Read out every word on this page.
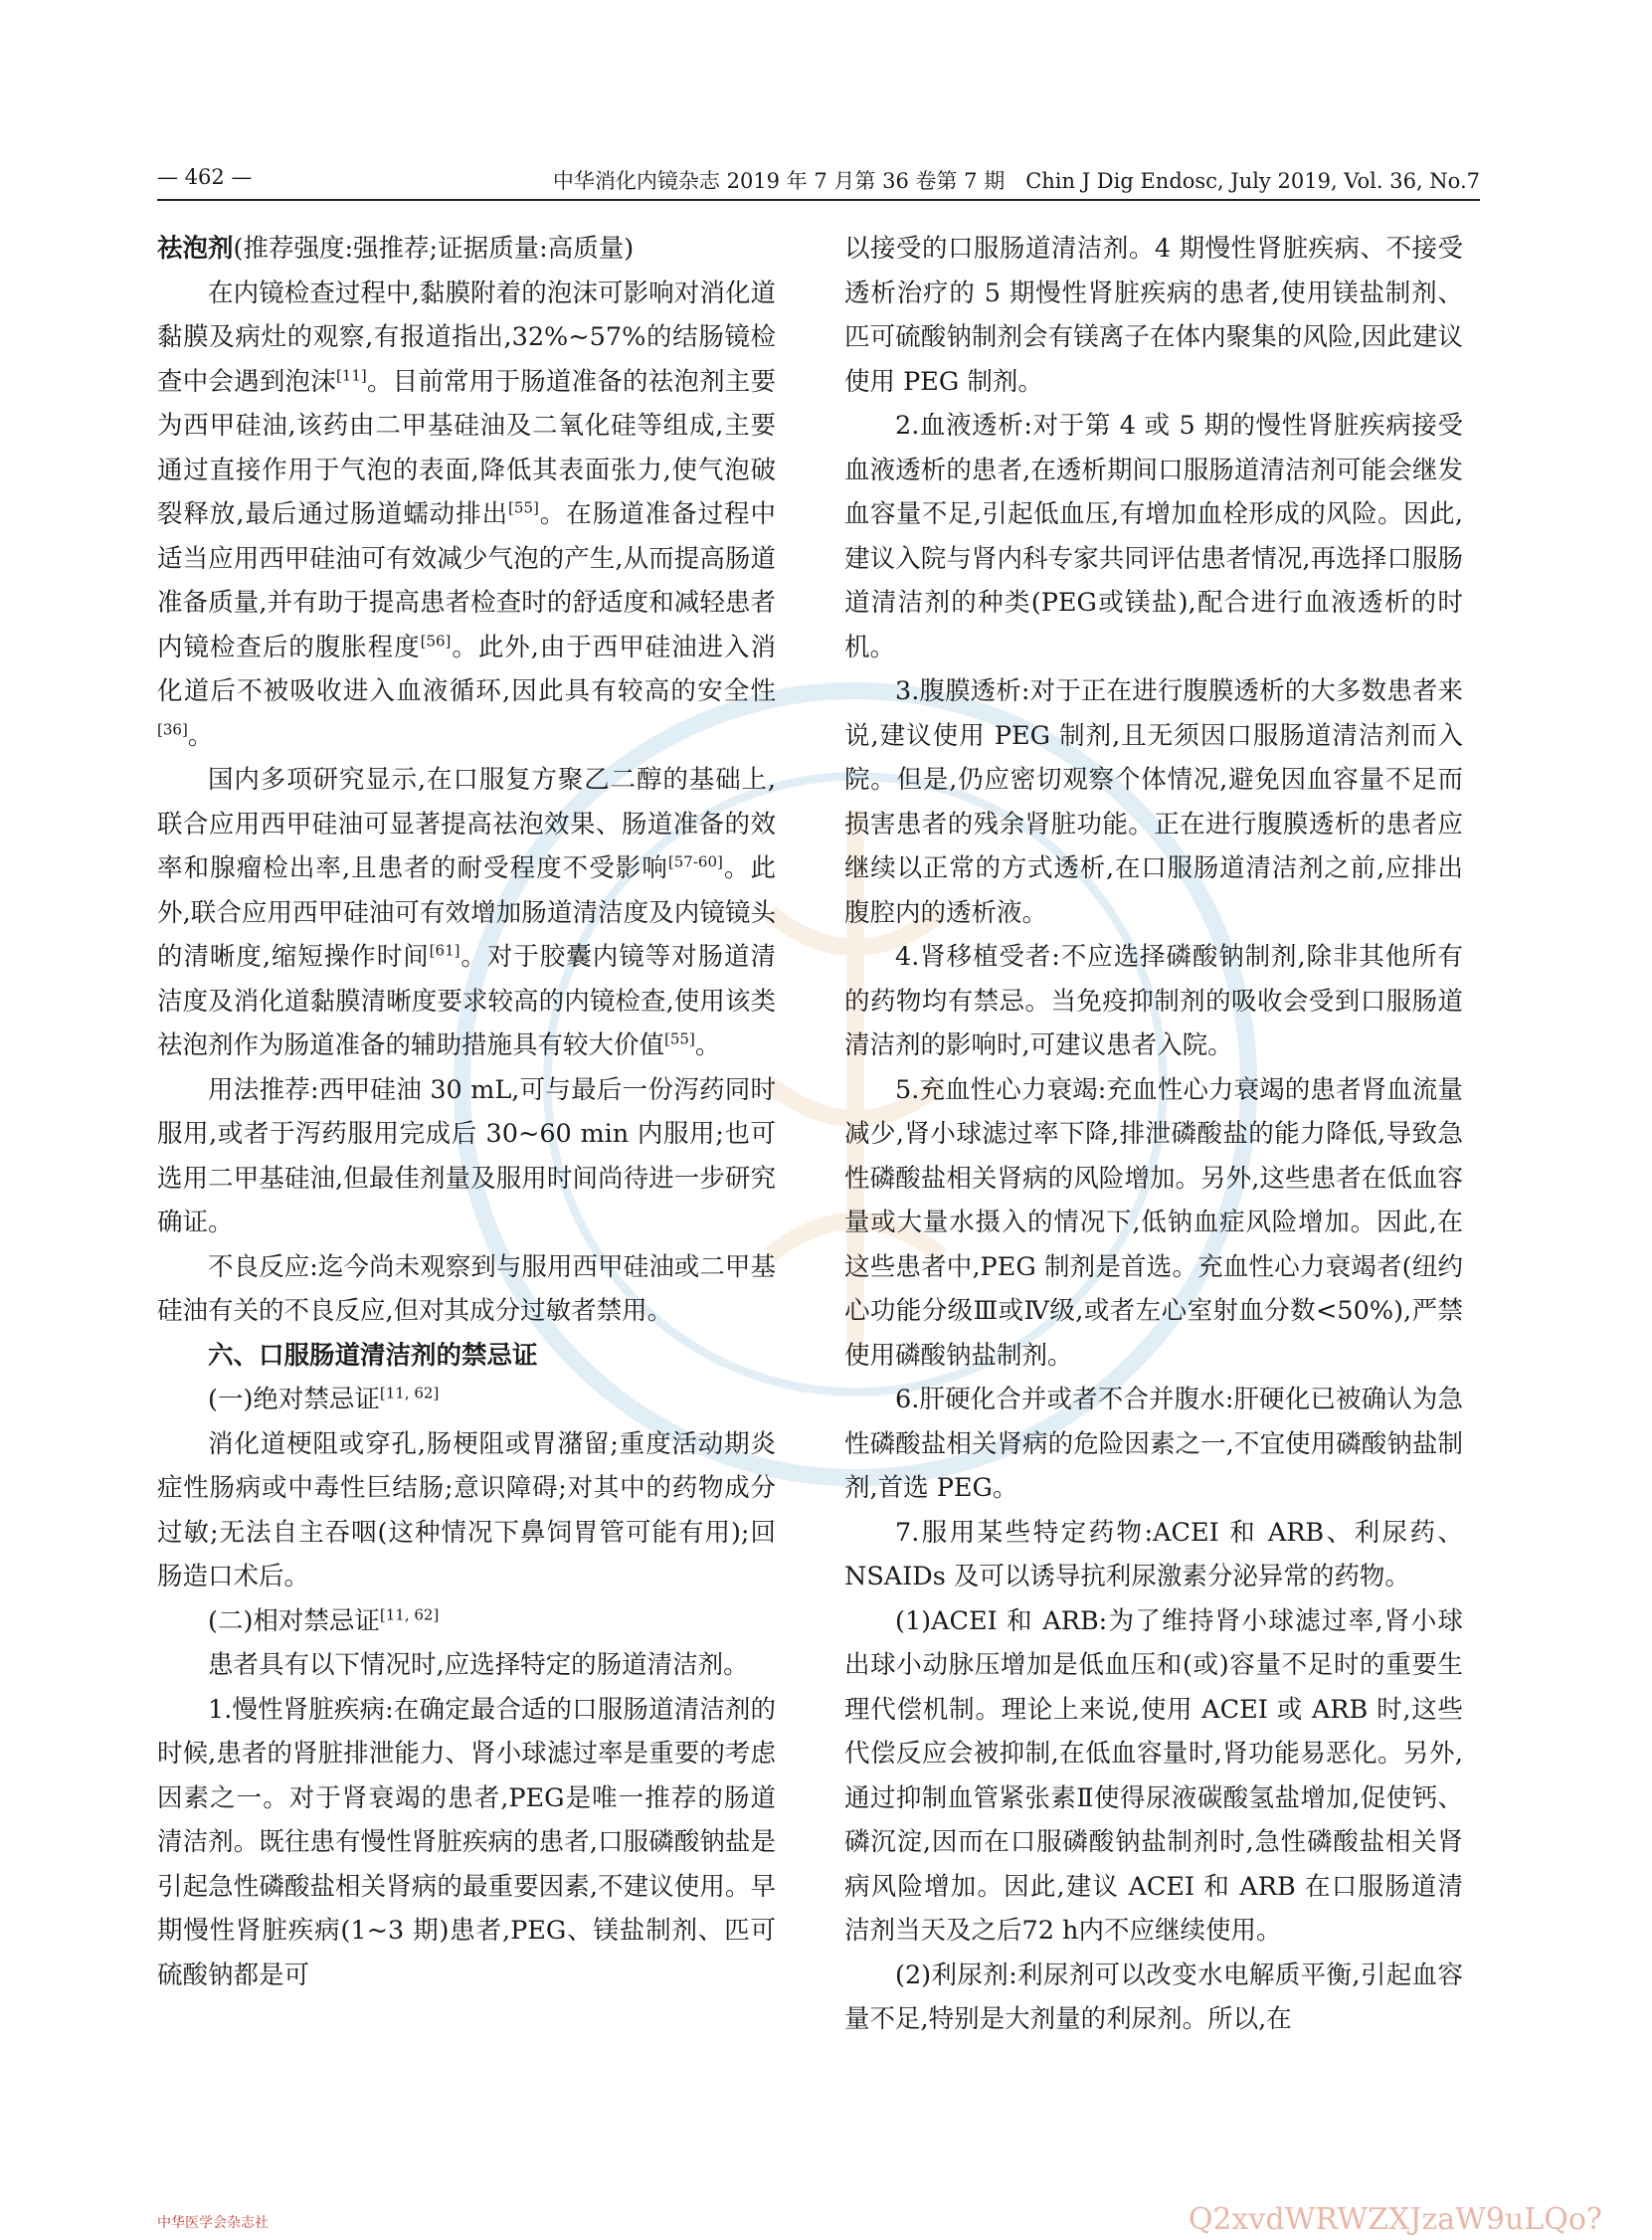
— 462 —	中华消化内镜杂志 2019 年 7 月第 36 卷第 7 期　Chin J Dig Endosc, July 2019, Vol. 36, No.7

祛泡剂(推荐强度:强推荐;证据质量:高质量)

在内镜检查过程中,黏膜附着的泡沫可影响对消化道黏膜及病灶的观察,有报道指出,32%~57%的结肠镜检查中会遇到泡沫[11]。目前常用于肠道准备的祛泡剂主要为西甲硅油,该药由二甲基硅油及二氧化硅等组成,主要通过直接作用于气泡的表面,降低其表面张力,使气泡破裂释放,最后通过肠道蠕动排出[55]。在肠道准备过程中适当应用西甲硅油可有效减少气泡的产生,从而提高肠道准备质量,并有助于提高患者检查时的舒适度和减轻患者内镜检查后的腹胀程度[56]。此外,由于西甲硅油进入消化道后不被吸收进入血液循环,因此具有较高的安全性[36]。

国内多项研究显示,在口服复方聚乙二醇的基础上,联合应用西甲硅油可显著提高祛泡效果、肠道准备的效率和腺瘤检出率,且患者的耐受程度不受影响[57-60]。此外,联合应用西甲硅油可有效增加肠道清洁度及内镜镜头的清晰度,缩短操作时间[61]。对于胶囊内镜等对肠道清洁度及消化道黏膜清晰度要求较高的内镜检查,使用该类祛泡剂作为肠道准备的辅助措施具有较大价值[55]。

用法推荐:西甲硅油 30 mL,可与最后一份泻药同时服用,或者于泻药服用完成后 30~60 min 内服用;也可选用二甲基硅油,但最佳剂量及服用时间尚待进一步研究确证。

不良反应:迄今尚未观察到与服用西甲硅油或二甲基硅油有关的不良反应,但对其成分过敏者禁用。

六、口服肠道清洁剂的禁忌证

(一)绝对禁忌证[11, 62]

消化道梗阻或穿孔,肠梗阻或胃潴留;重度活动期炎症性肠病或中毒性巨结肠;意识障碍;对其中的药物成分过敏;无法自主吞咽(这种情况下鼻饲胃管可能有用);回肠造口术后。

(二)相对禁忌证[11, 62]

患者具有以下情况时,应选择特定的肠道清洁剂。

1.慢性肾脏疾病:在确定最合适的口服肠道清洁剂的时候,患者的肾脏排泄能力、肾小球滤过率是重要的考虑因素之一。对于肾衰竭的患者,PEG是唯一推荐的肠道清洁剂。既往患有慢性肾脏疾病的患者,口服磷酸钠盐是引起急性磷酸盐相关肾病的最重要因素,不建议使用。早期慢性肾脏疾病(1~3 期)患者,PEG、镁盐制剂、匹可硫酸钠都是可

以接受的口服肠道清洁剂。4 期慢性肾脏疾病、不接受透析治疗的 5 期慢性肾脏疾病的患者,使用镁盐制剂、匹可硫酸钠制剂会有镁离子在体内聚集的风险,因此建议使用 PEG 制剂。

2.血液透析:对于第 4 或 5 期的慢性肾脏疾病接受血液透析的患者,在透析期间口服肠道清洁剂可能会继发血容量不足,引起低血压,有增加血栓形成的风险。因此,建议入院与肾内科专家共同评估患者情况,再选择口服肠道清洁剂的种类(PEG或镁盐),配合进行血液透析的时机。

3.腹膜透析:对于正在进行腹膜透析的大多数患者来说,建议使用 PEG 制剂,且无须因口服肠道清洁剂而入院。但是,仍应密切观察个体情况,避免因血容量不足而损害患者的残余肾脏功能。正在进行腹膜透析的患者应继续以正常的方式透析,在口服肠道清洁剂之前,应排出腹腔内的透析液。

4.肾移植受者:不应选择磷酸钠制剂,除非其他所有的药物均有禁忌。当免疫抑制剂的吸收会受到口服肠道清洁剂的影响时,可建议患者入院。

5.充血性心力衰竭:充血性心力衰竭的患者肾血流量减少,肾小球滤过率下降,排泄磷酸盐的能力降低,导致急性磷酸盐相关肾病的风险增加。另外,这些患者在低血容量或大量水摄入的情况下,低钠血症风险增加。因此,在这些患者中,PEG 制剂是首选。充血性心力衰竭者(纽约心功能分级Ⅲ或Ⅳ级,或者左心室射血分数<50%),严禁使用磷酸钠盐制剂。

6.肝硬化合并或者不合并腹水:肝硬化已被确认为急性磷酸盐相关肾病的危险因素之一,不宜使用磷酸钠盐制剂,首选 PEG。

7.服用某些特定药物:ACEI 和 ARB、利尿药、NSAIDs 及可以诱导抗利尿激素分泌异常的药物。

(1)ACEI 和 ARB:为了维持肾小球滤过率,肾小球出球小动脉压增加是低血压和(或)容量不足时的重要生理代偿机制。理论上来说,使用 ACEI 或 ARB 时,这些代偿反应会被抑制,在低血容量时,肾功能易恶化。另外,通过抑制血管紧张素Ⅱ使得尿液碳酸氢盐增加,促使钙、磷沉淀,因而在口服磷酸钠盐制剂时,急性磷酸盐相关肾病风险增加。因此,建议 ACEI 和 ARB 在口服肠道清洁剂当天及之后72 h内不应继续使用。

(2)利尿剂:利尿剂可以改变水电解质平衡,引起血容量不足,特别是大剂量的利尿剂。所以,在

中华医学会杂志社	Q2xvdWRWZXJzaW9uLQo?
